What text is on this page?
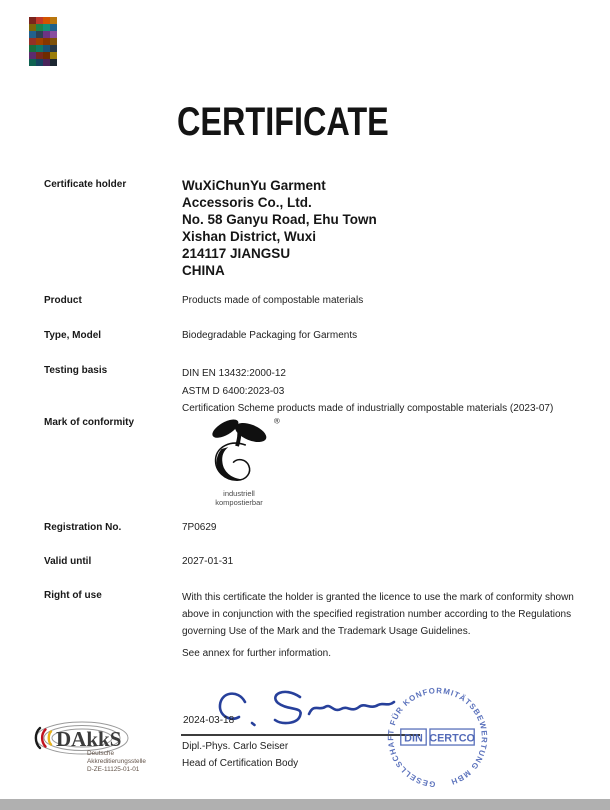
CERTIFICATE
Certificate holder	WuXiChunYu Garment
Accessoris Co., Ltd.
No. 58 Ganyu Road, Ehu Town
Xishan District, Wuxi
214117 JIANGSU
CHINA
Product	Products made of compostable materials
Type, Model	Biodegradable Packaging for Garments
Testing basis	DIN EN 13432:2000-12
ASTM D 6400:2023-03
Certification Scheme products made of industrially compostable materials (2023-07)
Mark of conformity	®
industriell
kompostierbar
Registration No.	7P0629
Valid until	2027-01-31
Right of use	With this certificate the holder is granted the licence to use the mark of conformity shown above in conjunction with the specified registration number according to the Regulations governing Use of the Mark and the Trademark Usage Guidelines.
See annex for further information.
2024-03-18
Dipl.-Phys. Carlo Seiser
Head of Certification Body
GESELLSCHAFT FÜR KONFORMITÄTSBEWERTUNG MBH
DIN CERTCO
DAkkS
Deutsche
Akkreditierungsstelle
D-ZE-11125-01-01
